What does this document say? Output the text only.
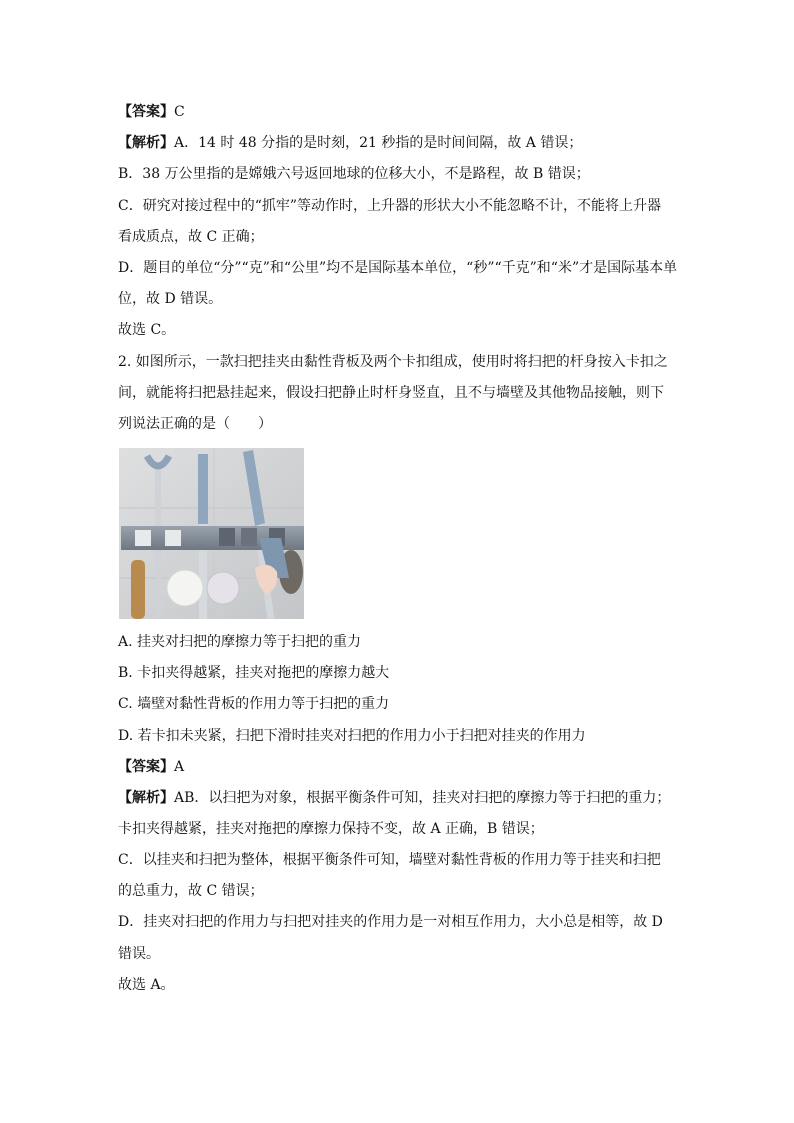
【答案】C
【解析】A．14 时 48 分指的是时刻，21 秒指的是时间间隔，故 A 错误；
B．38 万公里指的是嫦娥六号返回地球的位移大小，不是路程，故 B 错误；
C．研究对接过程中的“抓牢”等动作时，上升器的形状大小不能忽略不计，不能将上升器
看成质点，故 C 正确；
D．题目的单位“分”“克”和“公里”均不是国际基本单位，“秒”“千克”和“米”才是国际基本单
位，故 D 错误。
故选 C。
2. 如图所示，一款扫把挂夹由黏性背板及两个卡扣组成，使用时将扫把的杆身按入卡扣之
间，就能将扫把悬挂起来，假设扫把静止时杆身竖直，且不与墙壁及其他物品接触，则下
列说法正确的是（　　）
A. 挂夹对扫把的摩擦力等于扫把的重力
B. 卡扣夹得越紧，挂夹对拖把的摩擦力越大
C. 墙壁对黏性背板的作用力等于扫把的重力
D. 若卡扣未夹紧，扫把下滑时挂夹对扫把的作用力小于扫把对挂夹的作用力
【答案】A
【解析】AB．以扫把为对象，根据平衡条件可知，挂夹对扫把的摩擦力等于扫把的重力；
卡扣夹得越紧，挂夹对拖把的摩擦力保持不变，故 A 正确，B 错误；
C．以挂夹和扫把为整体，根据平衡条件可知，墙壁对黏性背板的作用力等于挂夹和扫把
的总重力，故 C 错误；
D．挂夹对扫把的作用力与扫把对挂夹的作用力是一对相互作用力，大小总是相等，故 D
错误。
故选 A。
